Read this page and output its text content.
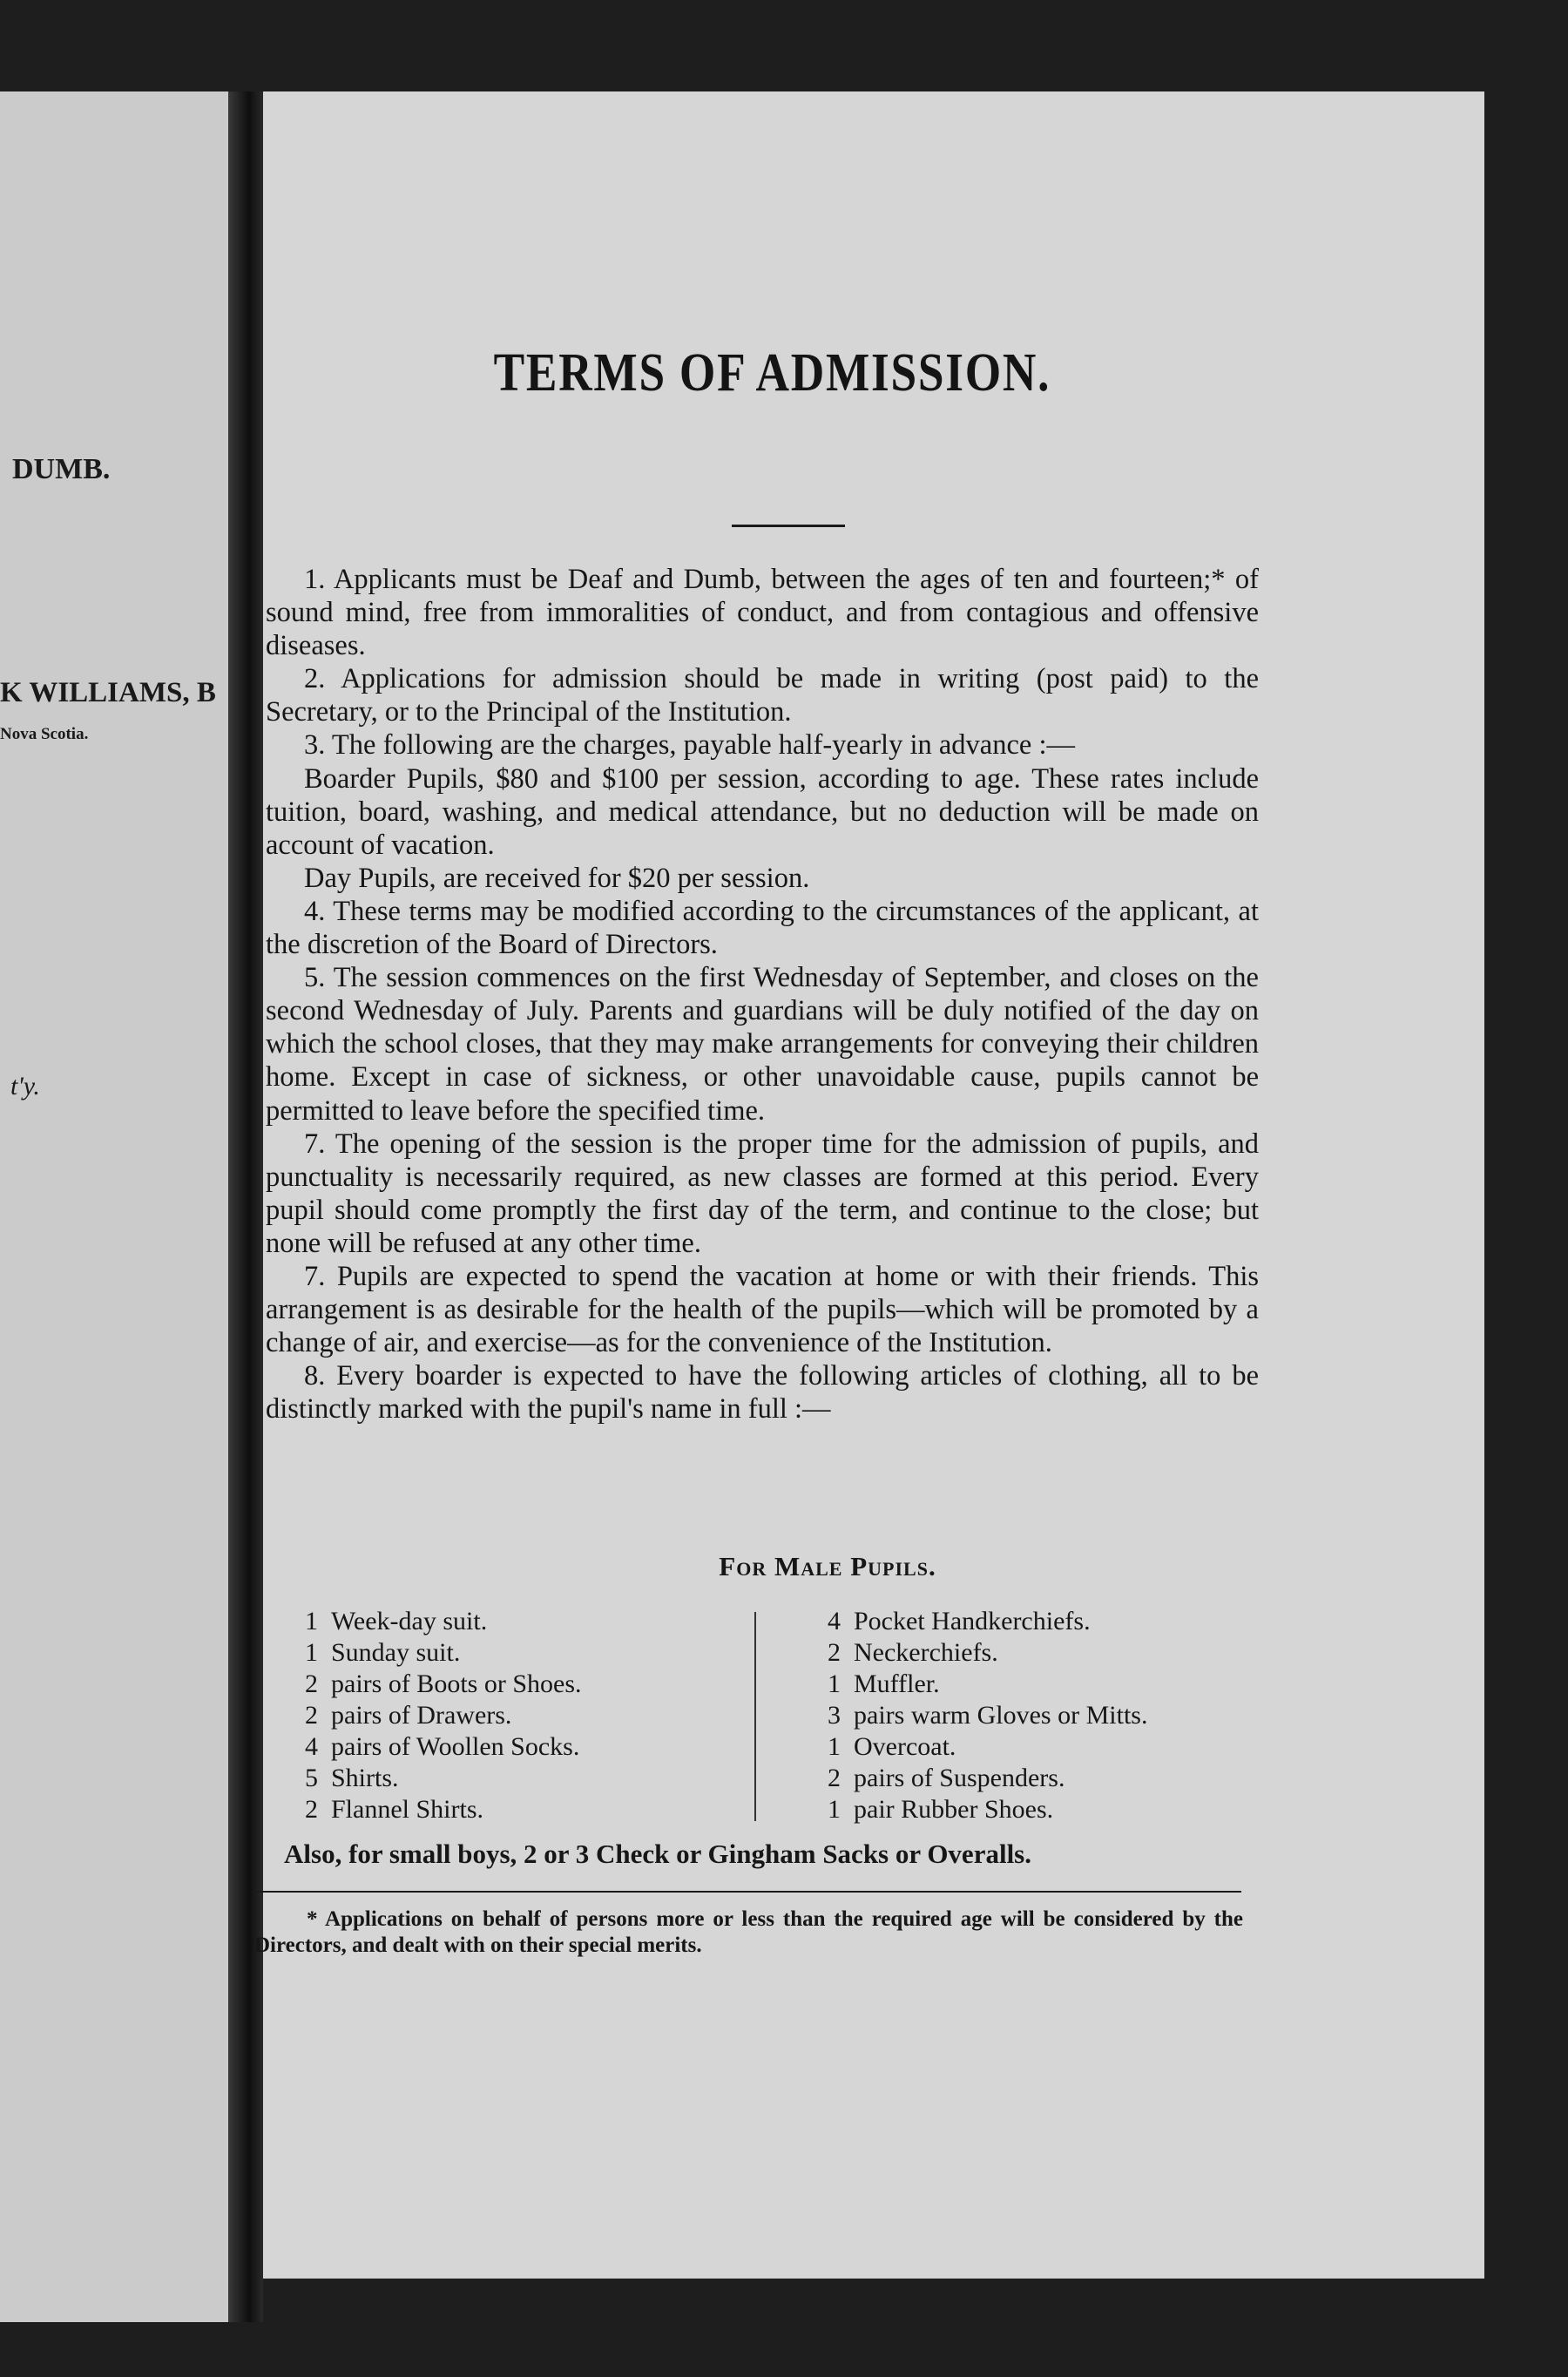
DUMB.
K WILLIAMS, B
Nova Scotia.
t'y.

TERMS OF ADMISSION.

1. Applicants must be Deaf and Dumb, between the ages of ten and fourteen;* of sound mind, free from immoralities of conduct, and from contagious and offensive diseases.

2. Applications for admission should be made in writing (post paid) to the Secretary, or to the Principal of the Institution.

3. The following are the charges, payable half-yearly in advance :—

Boarder Pupils, $80 and $100 per session, according to age. These rates include tuition, board, washing, and medical attendance, but no deduction will be made on account of vacation.

Day Pupils, are received for $20 per session.

4. These terms may be modified according to the circumstances of the applicant, at the discretion of the Board of Directors.

5. The session commences on the first Wednesday of September, and closes on the second Wednesday of July. Parents and guardians will be duly notified of the day on which the school closes, that they may make arrangements for conveying their children home. Except in case of sickness, or other unavoidable cause, pupils cannot be permitted to leave before the specified time.

7. The opening of the session is the proper time for the admission of pupils, and punctuality is necessarily required, as new classes are formed at this period. Every pupil should come promptly the first day of the term, and continue to the close; but none will be refused at any other time.

7. Pupils are expected to spend the vacation at home or with their friends. This arrangement is as desirable for the health of the pupils—which will be promoted by a change of air, and exercise—as for the convenience of the Institution.

8. Every boarder is expected to have the following articles of clothing, all to be distinctly marked with the pupil's name in full :—

For Male Pupils.
1 Week-day suit.
1 Sunday suit.
2 pairs of Boots or Shoes.
2 pairs of Drawers.
4 pairs of Woollen Socks.
5 Shirts.
2 Flannel Shirts.
4 Pocket Handkerchiefs.
2 Neckerchiefs.
1 Muffler.
3 pairs warm Gloves or Mitts.
1 Overcoat.
2 pairs of Suspenders.
1 pair Rubber Shoes.
Also, for small boys, 2 or 3 Check or Gingham Sacks or Overalls.

* Applications on behalf of persons more or less than the required age will be considered by the Directors, and dealt with on their special merits.
